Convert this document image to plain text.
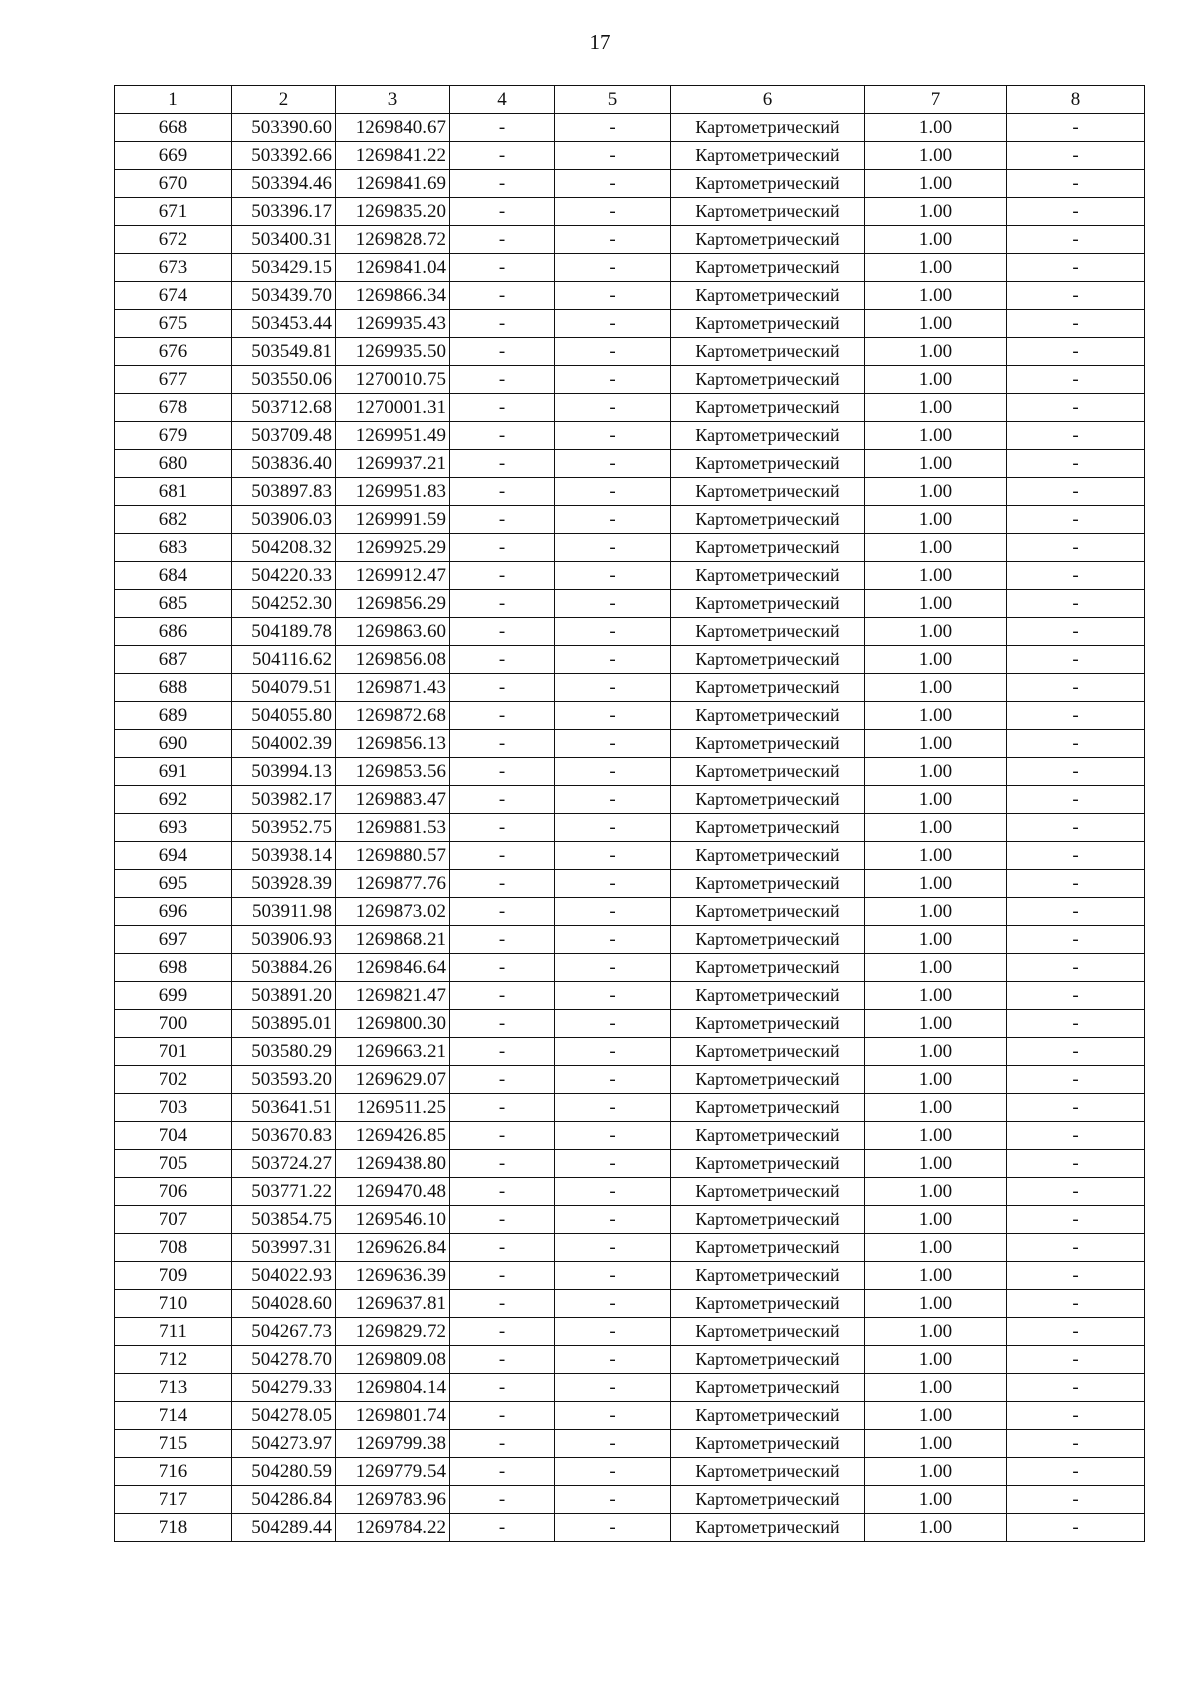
17
1	2	3	4	5	6	7	8
668	503390.60	1269840.67	-	-	Картометрический	1.00	-
669	503392.66	1269841.22	-	-	Картометрический	1.00	-
670	503394.46	1269841.69	-	-	Картометрический	1.00	-
671	503396.17	1269835.20	-	-	Картометрический	1.00	-
672	503400.31	1269828.72	-	-	Картометрический	1.00	-
673	503429.15	1269841.04	-	-	Картометрический	1.00	-
674	503439.70	1269866.34	-	-	Картометрический	1.00	-
675	503453.44	1269935.43	-	-	Картометрический	1.00	-
676	503549.81	1269935.50	-	-	Картометрический	1.00	-
677	503550.06	1270010.75	-	-	Картометрический	1.00	-
678	503712.68	1270001.31	-	-	Картометрический	1.00	-
679	503709.48	1269951.49	-	-	Картометрический	1.00	-
680	503836.40	1269937.21	-	-	Картометрический	1.00	-
681	503897.83	1269951.83	-	-	Картометрический	1.00	-
682	503906.03	1269991.59	-	-	Картометрический	1.00	-
683	504208.32	1269925.29	-	-	Картометрический	1.00	-
684	504220.33	1269912.47	-	-	Картометрический	1.00	-
685	504252.30	1269856.29	-	-	Картометрический	1.00	-
686	504189.78	1269863.60	-	-	Картометрический	1.00	-
687	504116.62	1269856.08	-	-	Картометрический	1.00	-
688	504079.51	1269871.43	-	-	Картометрический	1.00	-
689	504055.80	1269872.68	-	-	Картометрический	1.00	-
690	504002.39	1269856.13	-	-	Картометрический	1.00	-
691	503994.13	1269853.56	-	-	Картометрический	1.00	-
692	503982.17	1269883.47	-	-	Картометрический	1.00	-
693	503952.75	1269881.53	-	-	Картометрический	1.00	-
694	503938.14	1269880.57	-	-	Картометрический	1.00	-
695	503928.39	1269877.76	-	-	Картометрический	1.00	-
696	503911.98	1269873.02	-	-	Картометрический	1.00	-
697	503906.93	1269868.21	-	-	Картометрический	1.00	-
698	503884.26	1269846.64	-	-	Картометрический	1.00	-
699	503891.20	1269821.47	-	-	Картометрический	1.00	-
700	503895.01	1269800.30	-	-	Картометрический	1.00	-
701	503580.29	1269663.21	-	-	Картометрический	1.00	-
702	503593.20	1269629.07	-	-	Картометрический	1.00	-
703	503641.51	1269511.25	-	-	Картометрический	1.00	-
704	503670.83	1269426.85	-	-	Картометрический	1.00	-
705	503724.27	1269438.80	-	-	Картометрический	1.00	-
706	503771.22	1269470.48	-	-	Картометрический	1.00	-
707	503854.75	1269546.10	-	-	Картометрический	1.00	-
708	503997.31	1269626.84	-	-	Картометрический	1.00	-
709	504022.93	1269636.39	-	-	Картометрический	1.00	-
710	504028.60	1269637.81	-	-	Картометрический	1.00	-
711	504267.73	1269829.72	-	-	Картометрический	1.00	-
712	504278.70	1269809.08	-	-	Картометрический	1.00	-
713	504279.33	1269804.14	-	-	Картометрический	1.00	-
714	504278.05	1269801.74	-	-	Картометрический	1.00	-
715	504273.97	1269799.38	-	-	Картометрический	1.00	-
716	504280.59	1269779.54	-	-	Картометрический	1.00	-
717	504286.84	1269783.96	-	-	Картометрический	1.00	-
718	504289.44	1269784.22	-	-	Картометрический	1.00	-
